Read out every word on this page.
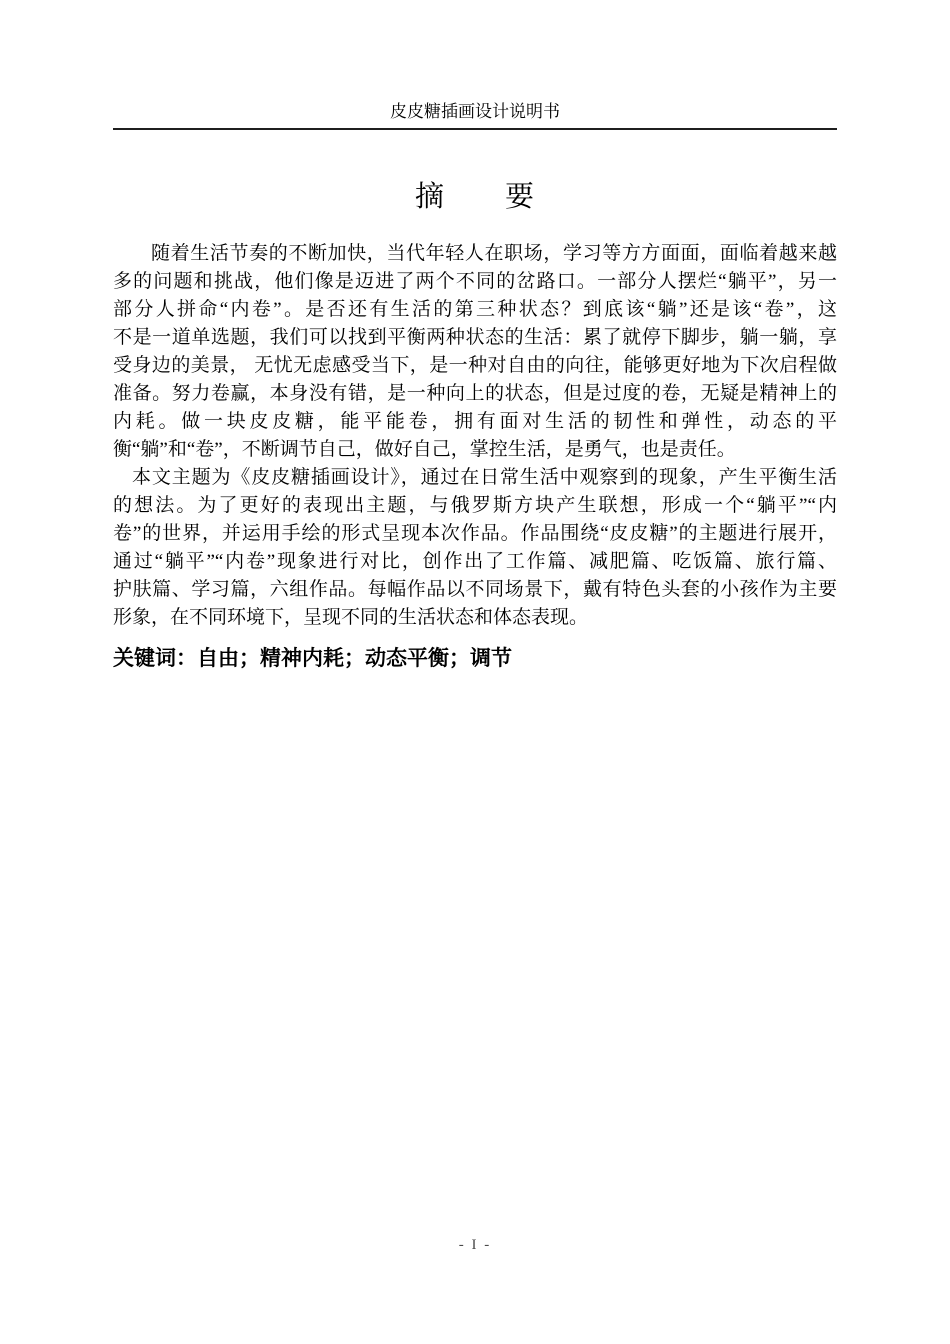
皮皮糖插画设计说明书
摘　　要
随着生活节奏的不断加快，当代年轻人在职场，学习等方方面面，面临着越来越
多的问题和挑战，他们像是迈进了两个不同的岔路口。一部分人摆烂“躺平”，另一
部分人拼命“内卷”。是否还有生活的第三种状态？到底该“躺”还是该“卷”，这
不是一道单选题，我们可以找到平衡两种状态的生活：累了就停下脚步，躺一躺，享
受身边的美景， 无忧无虑感受当下，是一种对自由的向往，能够更好地为下次启程做
准备。努力卷赢，本身没有错，是一种向上的状态，但是过度的卷，无疑是精神上的
内耗。做一块皮皮糖，能平能卷，拥有面对生活的韧性和弹性，动态的平
衡“躺”和“卷”，不断调节自己，做好自己，掌控生活，是勇气，也是责任。
本文主题为《皮皮糖插画设计》，通过在日常生活中观察到的现象，产生平衡生活
的想法。为了更好的表现出主题，与俄罗斯方块产生联想，形成一个“躺平”“内
卷”的世界，并运用手绘的形式呈现本次作品。作品围绕“皮皮糖”的主题进行展开，
通过“躺平”“内卷”现象进行对比，创作出了工作篇、减肥篇、吃饭篇、旅行篇、
护肤篇、学习篇，六组作品。每幅作品以不同场景下，戴有特色头套的小孩作为主要
形象，在不同环境下，呈现不同的生活状态和体态表现。
关键词：自由；精神内耗；动态平衡；调节
- I -
